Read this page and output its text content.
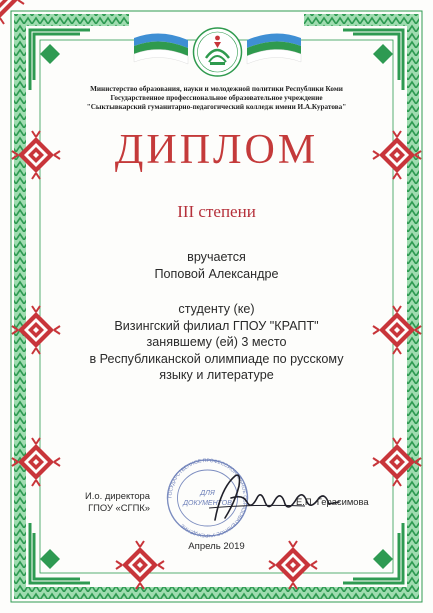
Министерство образования, науки и молодежной политики Республики Коми
Государственное профессиональное образовательное учреждение
"Сыктывкарский гуманитарно-педагогический колледж имени И.А.Куратова"
ДИПЛОМ
III степени
вручается
Поповой Александре
студенту (ке)
Визингский филиал ГПОУ "КРАПТ"
занявшему (ей) 3 место
в Республиканской олимпиаде по русскому
языку и литературе
ГОСУДАРСТВЕННОЕ ПРОФЕССИОНАЛЬНОЕ ОБРАЗОВАТЕЛЬНОЕ УЧРЕЖДЕНИЕ
ДЛЯ
ДОКУМЕНТОВ
И.о. директора
ГПОУ «СГПК»
Е.П. Герасимова
Апрель 2019
